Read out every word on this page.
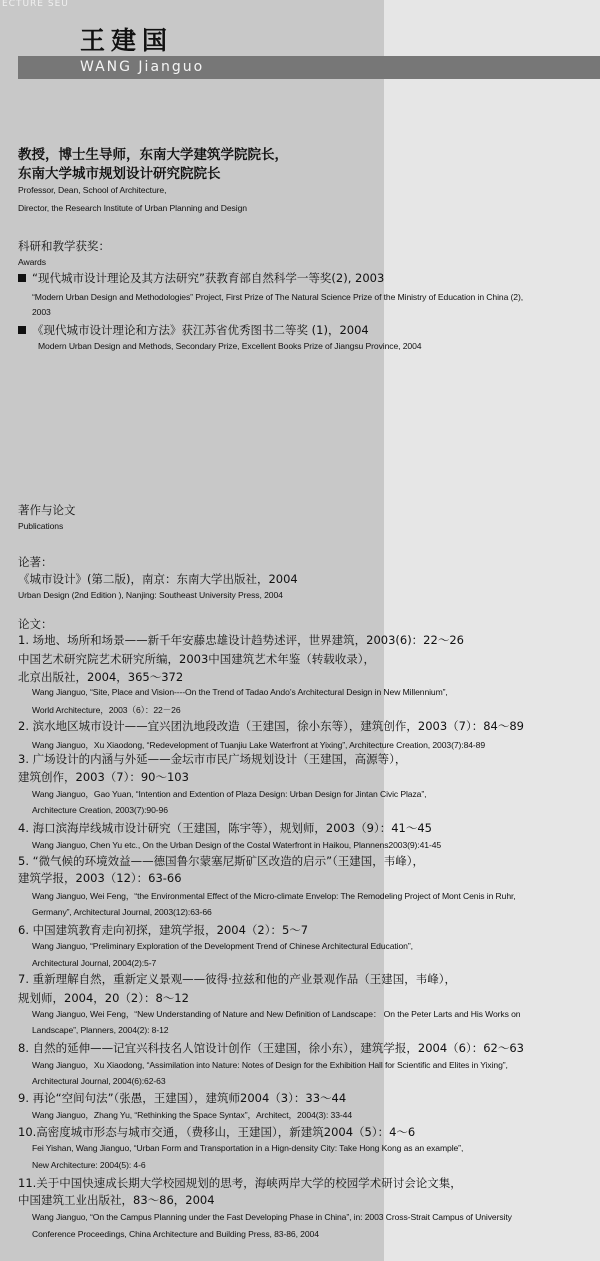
ECTURE SEU
王建国
WANG Jianguo
教授，博士生导师，东南大学建筑学院院长，
东南大学城市规划设计研究院院长
Professor, Dean, School of Architecture,
Director, the Research Institute of Urban Planning and Design
科研和教学获奖：
Awards
“现代城市设计理论及其方法研究”获教育部自然科学一等奖(2), 2003
“Modern Urban Design and Methodologies” Project, First Prize of The Natural Science Prize of the Ministry of Education in China (2),
2003
《现代城市设计理论和方法》获江苏省优秀图书二等奖 (1)，2004
Modern Urban Design and Methods, Secondary Prize, Excellent Books Prize of Jiangsu Province, 2004
著作与论文
Publications
论著：
《城市设计》(第二版)，南京：东南大学出版社，2004
Urban Design (2nd Edition ), Nanjing: Southeast University Press, 2004
论文：
1. 场地、场所和场景——新千年安藤忠雄设计趋势述评，世界建筑，2003(6)：22～26
中国艺术研究院艺术研究所编，2003中国建筑艺术年鉴（转载收录），
北京出版社，2004，365～372
Wang Jianguo, “Site, Place and Vision----On the Trend of Tadao Ando’s Architectural Design in New Millennium”,
World Architecture，2003（6）：22－26
2. 滨水地区城市设计——宜兴团氿地段改造（王建国，徐小东等），建筑创作，2003（7）：84～89
Wang Jianguo，Xu Xiaodong, “Redevelopment of Tuanjiu Lake Waterfront at Yixing”, Architecture Creation, 2003(7):84-89
3. 广场设计的内涵与外延——金坛市市民广场规划设计（王建国，高源等），
建筑创作，2003（7）：90～103
Wang Jianguo，Gao Yuan, “Intention and Extention of Plaza Design: Urban Design for Jintan Civic Plaza”,
Architecture Creation, 2003(7):90-96
4. 海口滨海岸线城市设计研究（王建国，陈宇等），规划师，2003（9）：41～45
Wang Jianguo, Chen Yu etc., On the Urban Design of the Costal Waterfront in Haikou, Plannens2003(9):41-45
5. “微气候的环境效益——德国鲁尔蒙塞尼斯矿区改造的启示”（王建国，韦峰），
建筑学报，2003（12）：63-66
Wang Jianguo, Wei Feng，“the Environmental Effect of the Micro-climate Envelop: The Remodeling Project of Mont Cenis in Ruhr,
Germany”, Architectural Journal, 2003(12):63-66
6. 中国建筑教育走向初探，建筑学报，2004（2）：5～7
Wang Jianguo, “Preliminary Exploration of the Development Trend of Chinese Architectural Education”,
Architectural Journal, 2004(2):5-7
7. 重新理解自然，重新定义景观——彼得·拉兹和他的产业景观作品（王建国，韦峰），
规划师，2004，20（2）：8～12
Wang Jianguo, Wei Feng，“New Understanding of Nature and New Definition of Landscape： On the Peter Larts and His Works on
Landscape”, Planners, 2004(2): 8-12
8. 自然的延伸——记宜兴科技名人馆设计创作（王建国，徐小东），建筑学报，2004（6）：62～63
Wang Jianguo，Xu Xiaodong, “Assimilation into Nature: Notes of Design for the Exhibition Hall for Scientific and Elites in Yixing”,
Architectural Journal, 2004(6):62-63
9. 再论“空间句法”（张愚，王建国），建筑师2004（3）：33～44
Wang Jianguo，Zhang Yu, “Rethinking the Space Syntax”，Architect，2004(3): 33-44
10.高密度城市形态与城市交通，（费移山，王建国），新建筑2004（5）：4～6
Fei Yishan, Wang Jianguo, “Urban Form and Transportation in a Hign-density City: Take Hong Kong as an example”,
New Architecture: 2004(5): 4-6
11.关于中国快速成长期大学校园规划的思考，海峡两岸大学的校园学术研讨会论文集，
中国建筑工业出版社，83～86，2004
Wang Jianguo, “On the Campus Planning under the Fast Developing Phase in China”, in: 2003 Cross-Strait Campus of University
Conference Proceedings, China Architecture and Building Press, 83-86, 2004
